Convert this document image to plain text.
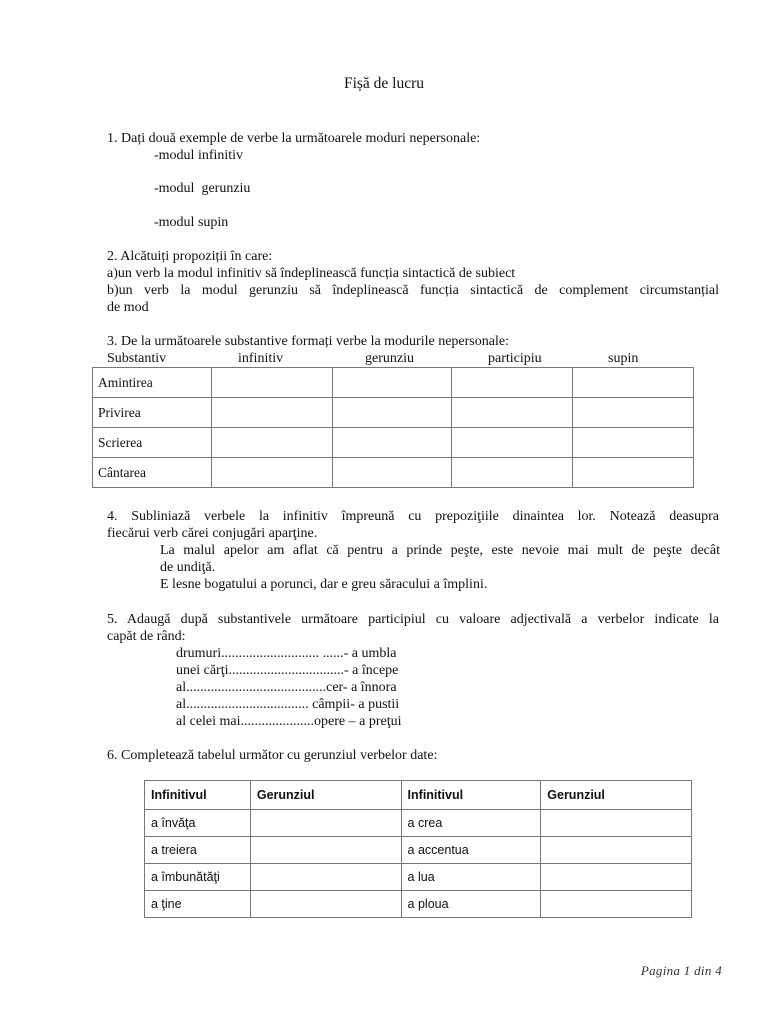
Fișă de lucru
1. Dați două exemple de verbe la următoarele moduri nepersonale:
-modul infinitiv
-modul  gerunziu
-modul supin
2. Alcătuiți propoziții în care:
a)un verb la modul infinitiv să îndeplinească funcția sintactică de subiect
b)un verb la modul gerunziu să îndeplinească funcția sintactică de complement circumstanțial
de mod
3. De la următoarele substantive formați verbe la modurile nepersonale:
Substantiv	infinitiv	gerunziu	participiu	supin
Amintirea				
Privirea				
Scrierea				
Cântarea				
4. Subliniază verbele la infinitiv împreună cu prepoziţiile dinaintea lor. Notează deasupra
fiecărui verb cărei conjugări aparţine.
La malul apelor am aflat că pentru a prinde peşte, este nevoie mai mult de peşte decât
de undiţă.
E lesne bogatului a porunci, dar e greu săracului a împlini.
5. Adaugă după substantivele următoare participiul cu valoare adjectivală a verbelor indicate la
capăt de rând:
drumuri............................ ......- a umbla
unei cărţi.................................- a începe
al........................................cer- a înnora
al................................... câmpii- a pustii
al celei mai.....................opere – a preţui
6. Completează tabelul următor cu gerunziul verbelor date:
Infinitivul	Gerunziul	Infinitivul	Gerunziul
a învăţa		a crea	
a treiera		a accentua	
a îmbunătăţi		a lua	
a ţine		a ploua	
Pagina 1 din 4
